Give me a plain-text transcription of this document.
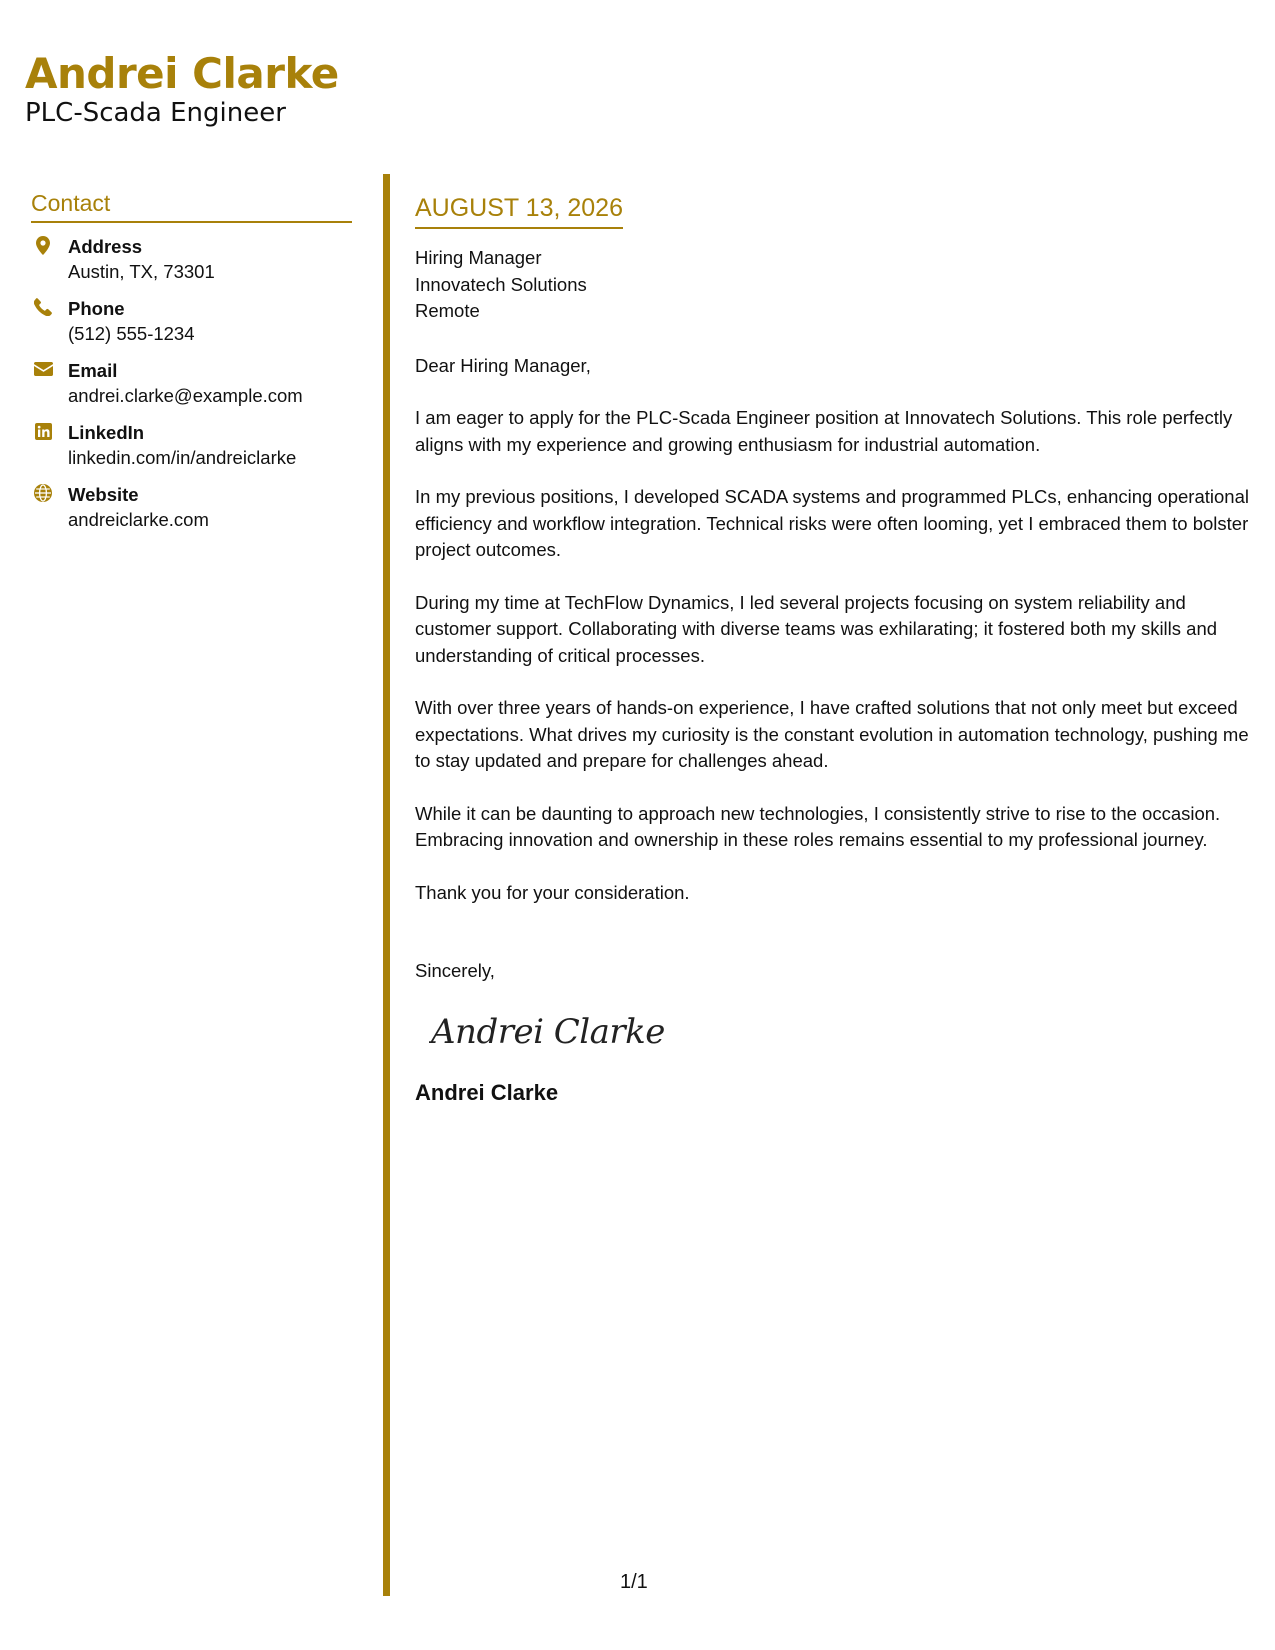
Andrei Clarke
PLC-Scada Engineer
Contact
Address
Austin, TX, 73301
Phone
(512) 555-1234
Email
andrei.clarke@example.com
LinkedIn
linkedin.com/in/andreiclarke
Website
andreiclarke.com
AUGUST 13, 2026
Hiring Manager
Innovatech Solutions
Remote
Dear Hiring Manager,

I am eager to apply for the PLC-Scada Engineer position at Innovatech Solutions. This role perfectly aligns with my experience and growing enthusiasm for industrial automation.

In my previous positions, I developed SCADA systems and programmed PLCs, enhancing operational efficiency and workflow integration. Technical risks were often looming, yet I embraced them to bolster project outcomes.

During my time at TechFlow Dynamics, I led several projects focusing on system reliability and customer support. Collaborating with diverse teams was exhilarating; it fostered both my skills and understanding of critical processes.

With over three years of hands-on experience, I have crafted solutions that not only meet but exceed expectations. What drives my curiosity is the constant evolution in automation technology, pushing me to stay updated and prepare for challenges ahead.

While it can be daunting to approach new technologies, I consistently strive to rise to the occasion. Embracing innovation and ownership in these roles remains essential to my professional journey.

Thank you for your consideration.

Sincerely,
Andrei Clarke
Andrei Clarke
1/1
